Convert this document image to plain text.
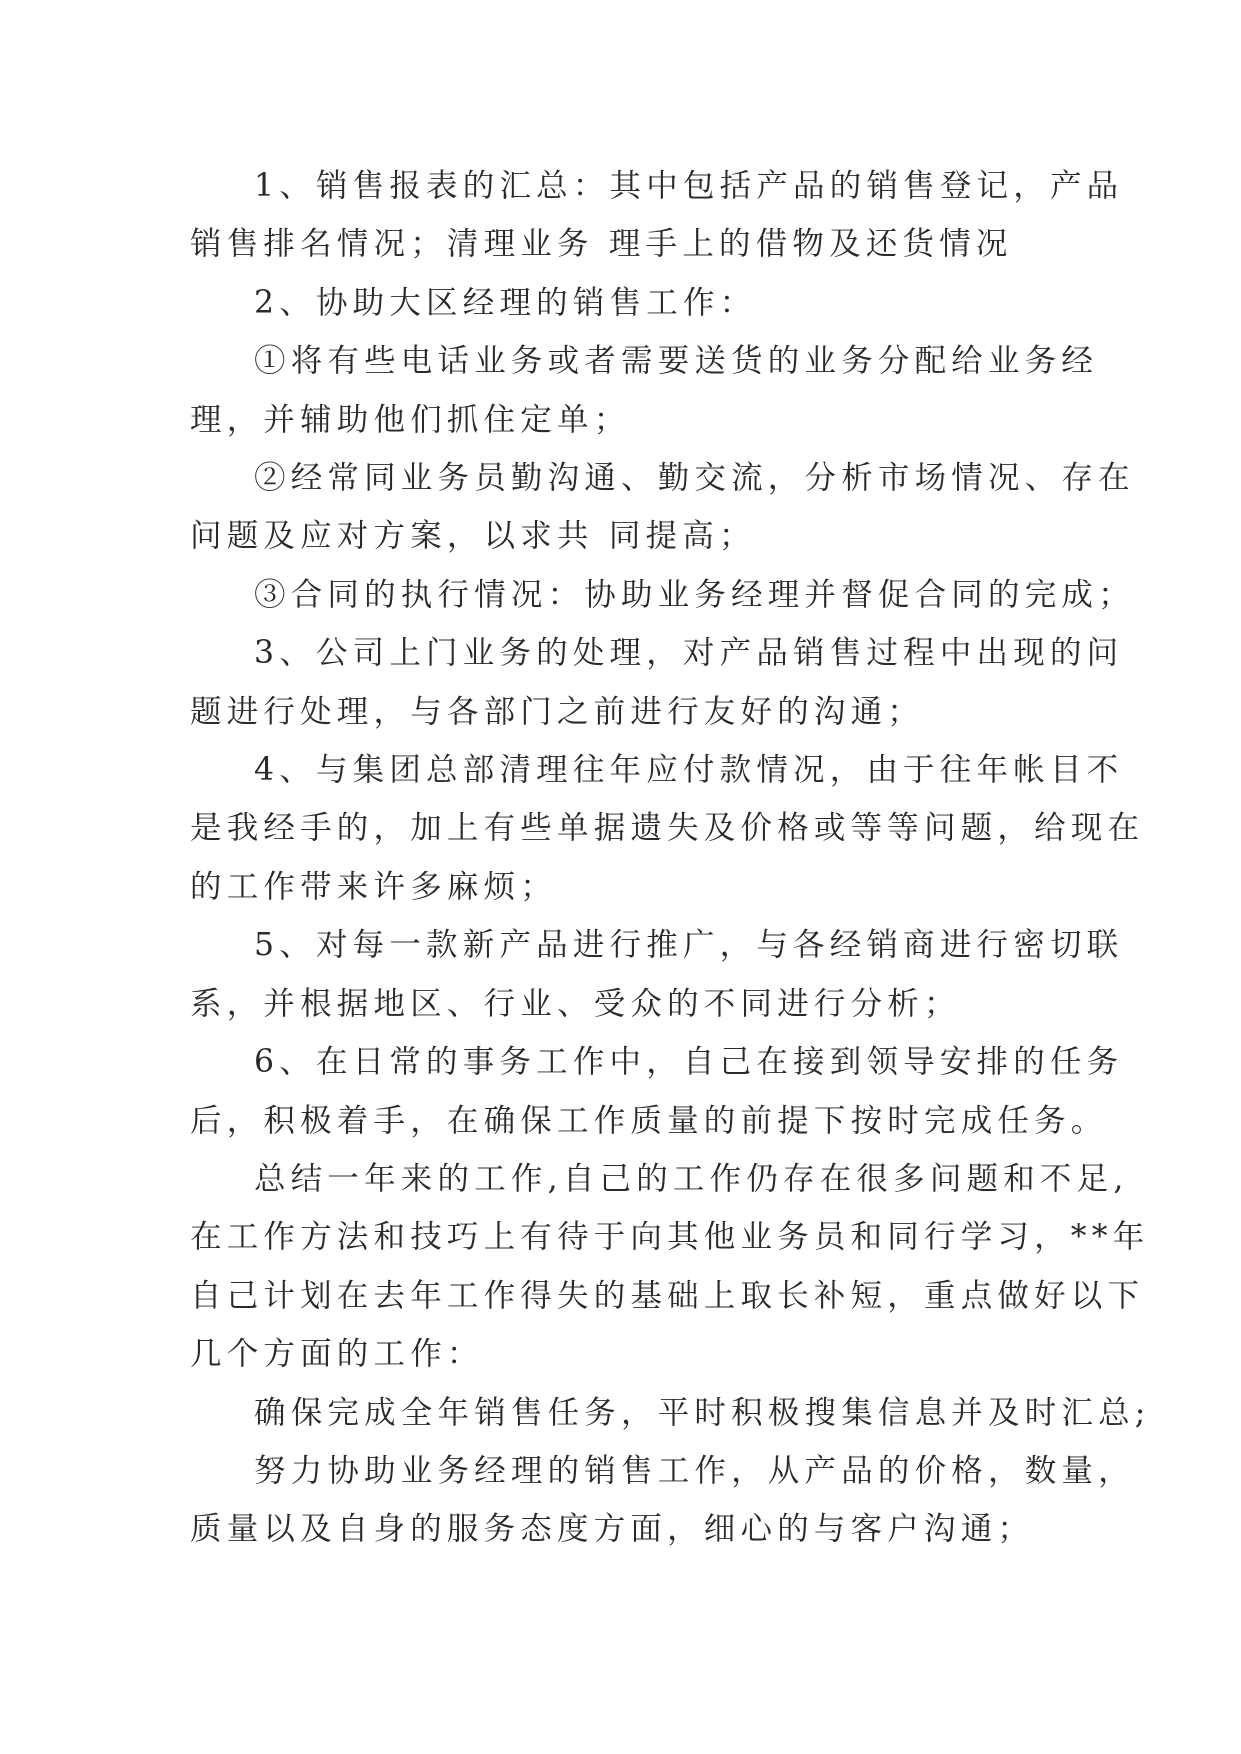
1、销售报表的汇总：其中包括产品的销售登记，产品
销售排名情况；清理业务 理手上的借物及还货情况

2、协助大区经理的销售工作：

①将有些电话业务或者需要送货的业务分配给业务经
理，并辅助他们抓住定单；

②经常同业务员勤沟通、勤交流，分析市场情况、存在
问题及应对方案，以求共 同提高；

③合同的执行情况：协助业务经理并督促合同的完成；

3、公司上门业务的处理，对产品销售过程中出现的问
题进行处理，与各部门之前进行友好的沟通；

4、与集团总部清理往年应付款情况，由于往年帐目不
是我经手的，加上有些单据遗失及价格或等等问题，给现在
的工作带来许多麻烦；

5、对每一款新产品进行推广，与各经销商进行密切联
系，并根据地区、行业、受众的不同进行分析；

6、在日常的事务工作中，自己在接到领导安排的任务
后，积极着手，在确保工作质量的前提下按时完成任务。

总结一年来的工作,自己的工作仍存在很多问题和不足,
在工作方法和技巧上有待于向其他业务员和同行学习，**年
自己计划在去年工作得失的基础上取长补短，重点做好以下
几个方面的工作：

确保完成全年销售任务，平时积极搜集信息并及时汇总;

努力协助业务经理的销售工作，从产品的价格，数量，
质量以及自身的服务态度方面，细心的与客户沟通；
